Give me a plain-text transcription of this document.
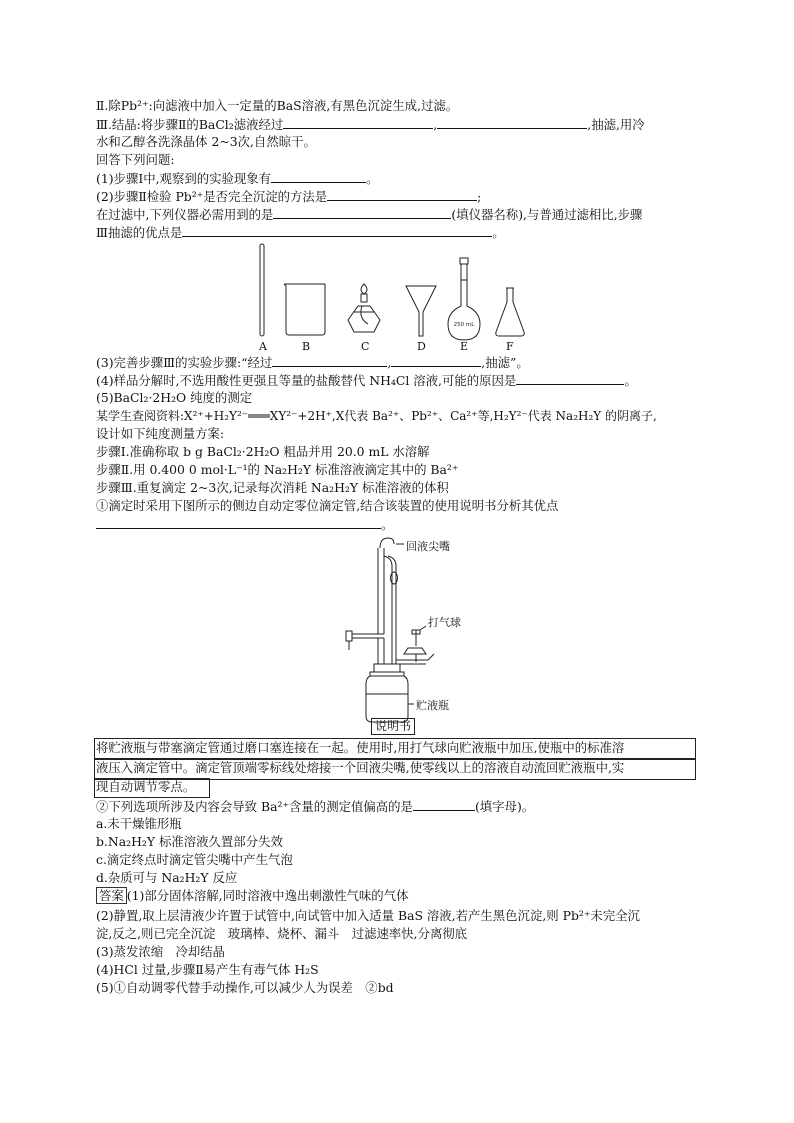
Ⅱ.除Pb²⁺:向滤液中加入一定量的BaS溶液,有黑色沉淀生成,过滤。
Ⅲ.结晶:将步骤Ⅱ的BaCl₂滤液经过	,	,抽滤,用冷
水和乙醇各洗涤晶体 2~3次,自然晾干。
回答下列问题:
(1)步骤Ⅰ中,观察到的实验现象有	。
(2)步骤Ⅱ检验 Pb²⁺是否完全沉淀的方法是	;
在过滤中,下列仪器必需用到的是	(填仪器名称),与普通过滤相比,步骤
Ⅲ抽滤的优点是	。
250 mL
A	B	C	D	E	F
(3)完善步骤Ⅲ的实验步骤:“经过	,	,抽滤”。
(4)样品分解时,不选用酸性更强且等量的盐酸替代 NH₄Cl 溶液,可能的原因是	。
(5)BaCl₂·2H₂O 纯度的测定
某学生查阅资料:X²⁺+H₂Y²⁻═══XY²⁻+2H⁺,X代表 Ba²⁺、Pb²⁺、Ca²⁺等,H₂Y²⁻代表 Na₂H₂Y 的阴离子,
设计如下纯度测量方案:
步骤Ⅰ.准确称取 b g BaCl₂·2H₂O 粗品并用 20.0 mL 水溶解
步骤Ⅱ.用 0.400 0 mol·L⁻¹的 Na₂H₂Y 标准溶液滴定其中的 Ba²⁺
步骤Ⅲ.重复滴定 2~3次,记录每次消耗 Na₂H₂Y 标准溶液的体积
①滴定时采用下图所示的侧边自动定零位滴定管,结合该装置的使用说明书分析其优点
。
回液尖嘴
打气球
贮液瓶
说明书
将贮液瓶与带塞滴定管通过磨口塞连接在一起。使用时,用打气球向贮液瓶中加压,使瓶中的标准溶
液压入滴定管中。滴定管顶端零标线处熔接一个回液尖嘴,使零线以上的溶液自动流回贮液瓶中,实
现自动调节零点。
②下列选项所涉及内容会导致 Ba²⁺含量的测定值偏高的是	(填字母)。
a.未干燥锥形瓶
b.Na₂H₂Y 标准溶液久置部分失效
c.滴定终点时滴定管尖嘴中产生气泡
d.杂质可与 Na₂H₂Y 反应
答案 (1)部分固体溶解,同时溶液中逸出刺激性气味的气体
(2)静置,取上层清液少许置于试管中,向试管中加入适量 BaS 溶液,若产生黑色沉淀,则 Pb²⁺未完全沉
淀,反之,则已完全沉淀　玻璃棒、烧杯、漏斗　过滤速率快,分离彻底
(3)蒸发浓缩　冷却结晶
(4)HCl 过量,步骤Ⅱ易产生有毒气体 H₂S
(5)①自动调零代替手动操作,可以减少人为误差　②bd
